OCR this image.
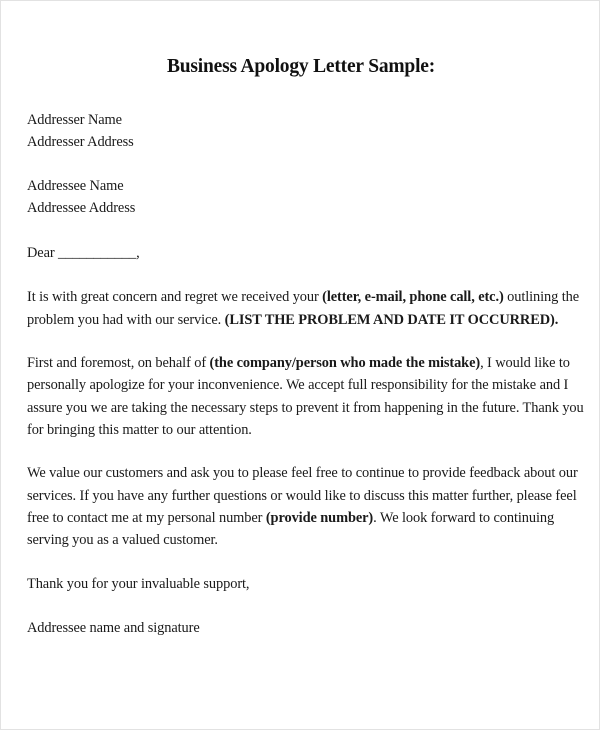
Business Apology Letter Sample:
Addresser Name
Addresser Address
Addressee Name
Addressee Address
Dear ___________,
It is with great concern and regret we received your (letter, e-mail, phone call, etc.) outlining the
problem you had with our service. (LIST THE PROBLEM AND DATE IT OCCURRED).
First and foremost, on behalf of (the company/person who made the mistake), I would like to
personally apologize for your inconvenience. We accept full responsibility for the mistake and I
assure you we are taking the necessary steps to prevent it from happening in the future. Thank you
for bringing this matter to our attention.
We value our customers and ask you to please feel free to continue to provide feedback about our
services. If you have any further questions or would like to discuss this matter further, please feel
free to contact me at my personal number (provide number). We look forward to continuing
serving you as a valued customer.
Thank you for your invaluable support,
Addressee name and signature
